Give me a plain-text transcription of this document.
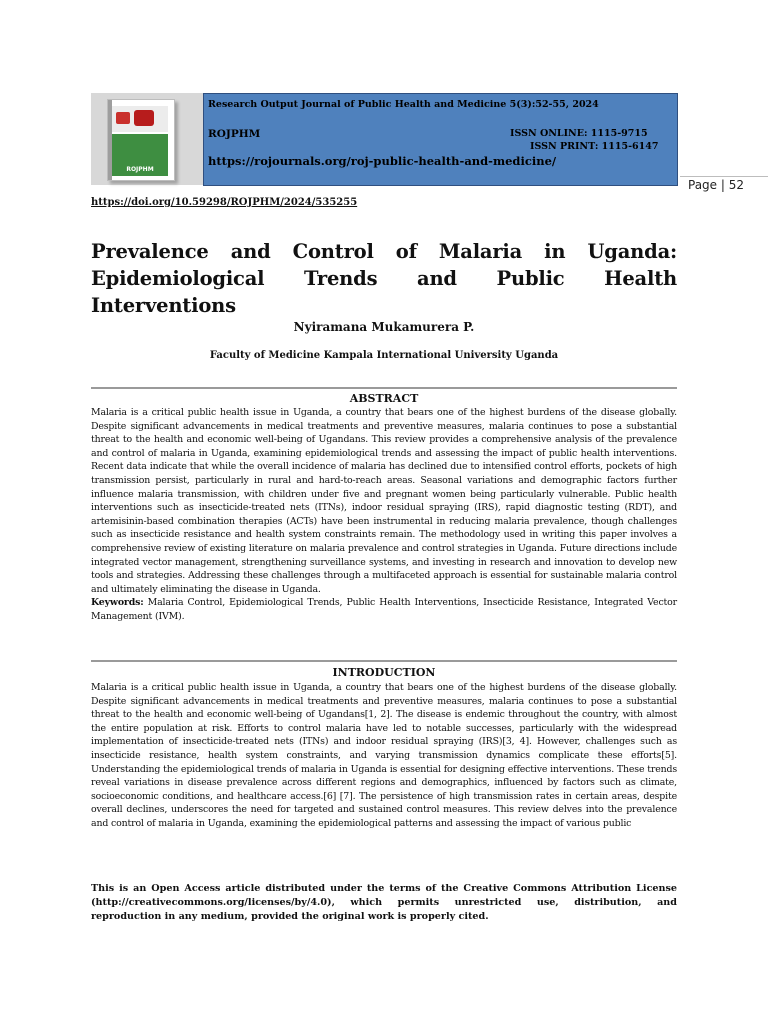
ROJPHM
Research Output Journal of Public Health and Medicine 5(3):52-55, 2024
ROJPHM	ISSN ONLINE: 1115-9715
ISSN PRINT: 1115-6147
https://rojournals.org/roj-public-health-and-medicine/
Page | 52
https://doi.org/10.59298/ROJPHM/2024/535255
Prevalence and Control of Malaria in Uganda: Epidemiological Trends and Public Health Interventions
Nyiramana Mukamurera P.
Faculty of Medicine Kampala International University Uganda
ABSTRACT
Malaria is a critical public health issue in Uganda, a country that bears one of the highest burdens of the disease globally. Despite significant advancements in medical treatments and preventive measures, malaria continues to pose a substantial threat to the health and economic well-being of Ugandans. This review provides a comprehensive analysis of the prevalence and control of malaria in Uganda, examining epidemiological trends and assessing the impact of public health interventions. Recent data indicate that while the overall incidence of malaria has declined due to intensified control efforts, pockets of high transmission persist, particularly in rural and hard-to-reach areas. Seasonal variations and demographic factors further influence malaria transmission, with children under five and pregnant women being particularly vulnerable. Public health interventions such as insecticide-treated nets (ITNs), indoor residual spraying (IRS), rapid diagnostic testing (RDT), and artemisinin-based combination therapies (ACTs) have been instrumental in reducing malaria prevalence, though challenges such as insecticide resistance and health system constraints remain. The methodology used in writing this paper involves a comprehensive review of existing literature on malaria prevalence and control strategies in Uganda. Future directions include integrated vector management, strengthening surveillance systems, and investing in research and innovation to develop new tools and strategies. Addressing these challenges through a multifaceted approach is essential for sustainable malaria control and ultimately eliminating the disease in Uganda.
Keywords: Malaria Control, Epidemiological Trends, Public Health Interventions, Insecticide Resistance, Integrated Vector Management (IVM).
INTRODUCTION
Malaria is a critical public health issue in Uganda, a country that bears one of the highest burdens of the disease globally. Despite significant advancements in medical treatments and preventive measures, malaria continues to pose a substantial threat to the health and economic well-being of Ugandans[1, 2]. The disease is endemic throughout the country, with almost the entire population at risk. Efforts to control malaria have led to notable successes, particularly with the widespread implementation of insecticide-treated nets (ITNs) and indoor residual spraying (IRS)[3, 4]. However, challenges such as insecticide resistance, health system constraints, and varying transmission dynamics complicate these efforts[5]. Understanding the epidemiological trends of malaria in Uganda is essential for designing effective interventions. These trends reveal variations in disease prevalence across different regions and demographics, influenced by factors such as climate, socioeconomic conditions, and healthcare access.[6] [7]. The persistence of high transmission rates in certain areas, despite overall declines, underscores the need for targeted and sustained control measures. This review delves into the prevalence and control of malaria in Uganda, examining the epidemiological patterns and assessing the impact of various public
This is an Open Access article distributed under the terms of the Creative Commons Attribution License (http://creativecommons.org/licenses/by/4.0), which permits unrestricted use, distribution, and reproduction in any medium, provided the original work is properly cited.
